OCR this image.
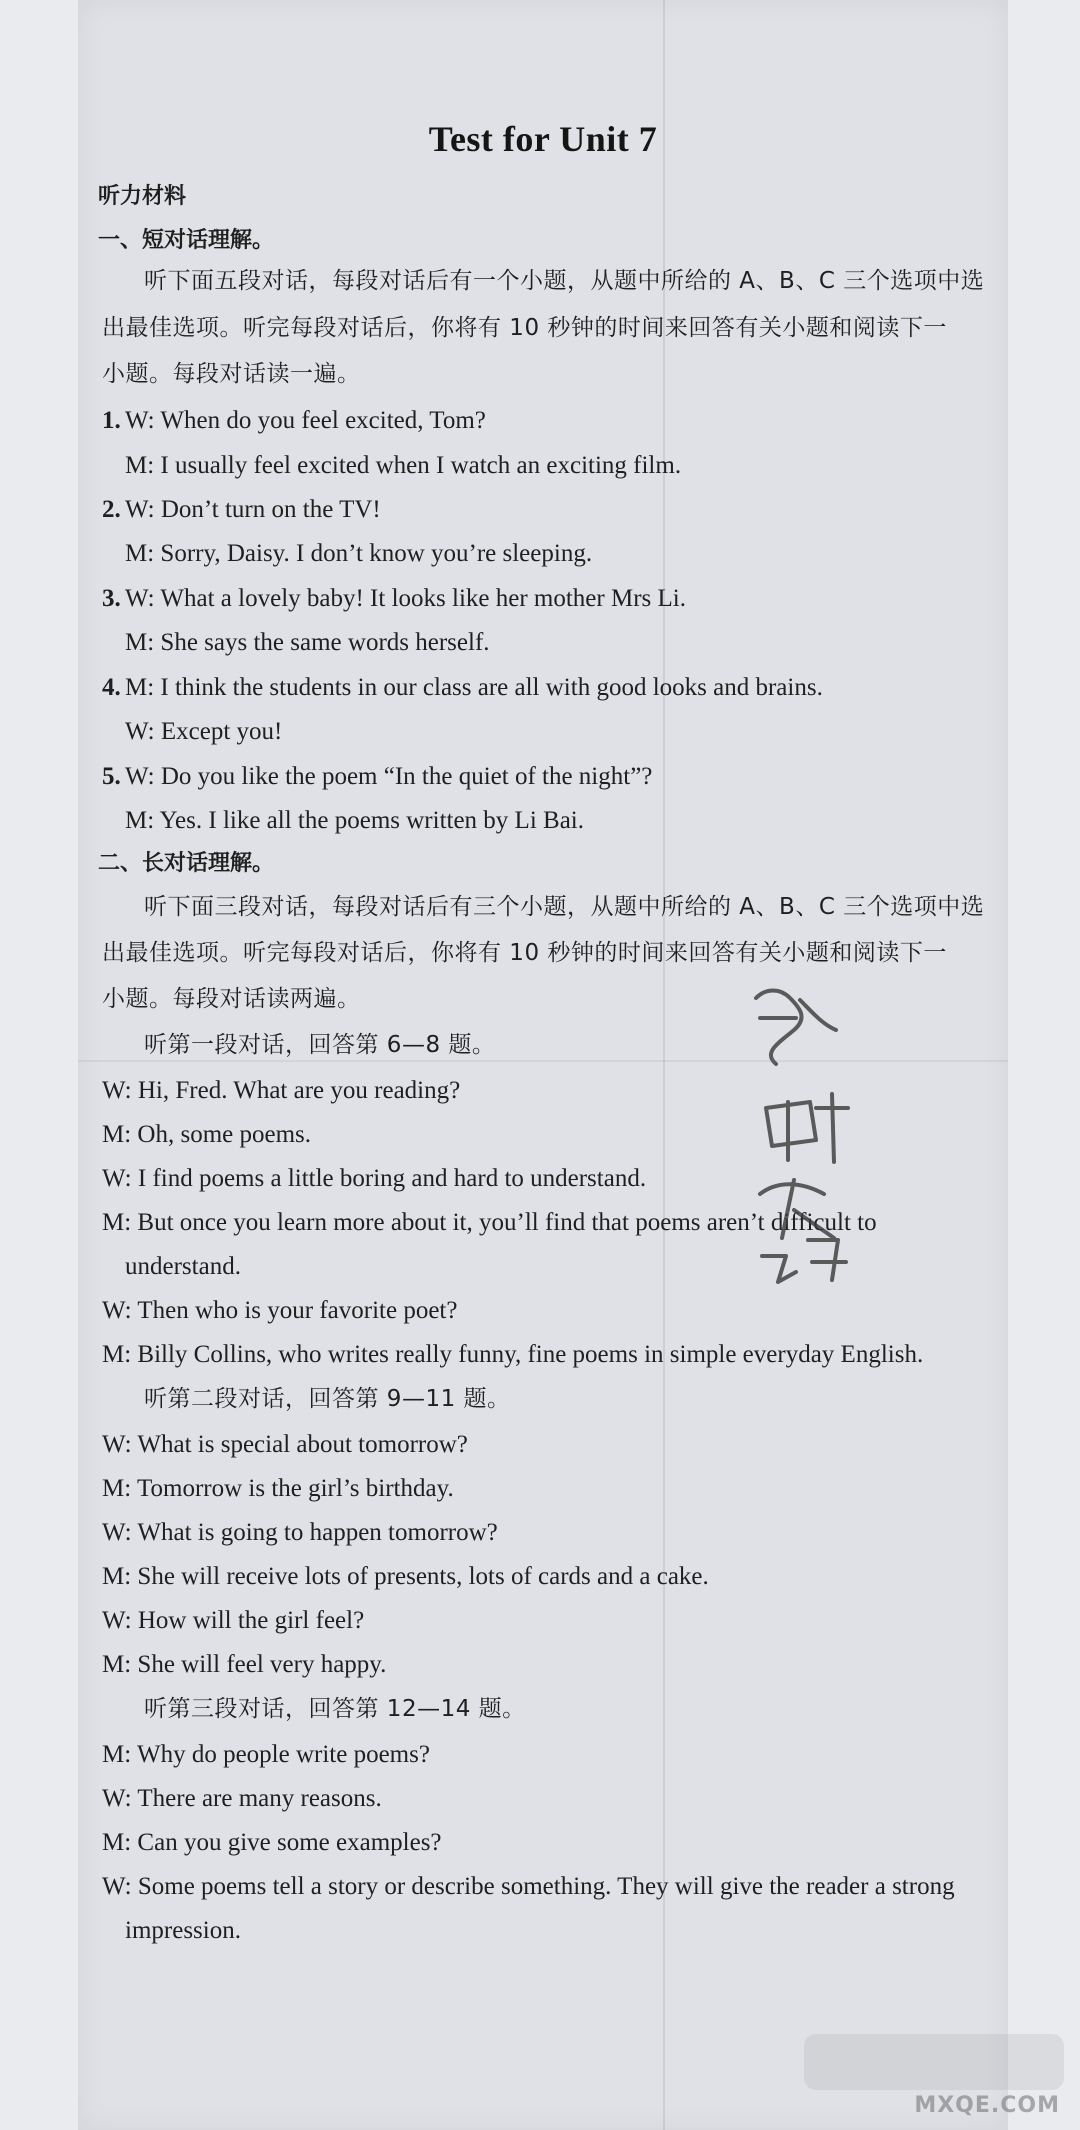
Test for Unit 7
听力材料
一、短对话理解。
听下面五段对话，每段对话后有一个小题，从题中所给的 A、B、C 三个选项中选
出最佳选项。听完每段对话后，你将有 10 秒钟的时间来回答有关小题和阅读下一
小题。每段对话读一遍。
1. W: When do you feel excited, Tom?
M: I usually feel excited when I watch an exciting film.
2. W: Don’t turn on the TV!
M: Sorry, Daisy. I don’t know you’re sleeping.
3. W: What a lovely baby! It looks like her mother Mrs Li.
M: She says the same words herself.
4. M: I think the students in our class are all with good looks and brains.
W: Except you!
5. W: Do you like the poem “In the quiet of the night”?
M: Yes. I like all the poems written by Li Bai.
二、长对话理解。
听下面三段对话，每段对话后有三个小题，从题中所给的 A、B、C 三个选项中选
出最佳选项。听完每段对话后，你将有 10 秒钟的时间来回答有关小题和阅读下一
小题。每段对话读两遍。
听第一段对话，回答第 6—8 题。
W: Hi, Fred. What are you reading?
M: Oh, some poems.
W: I find poems a little boring and hard to understand.
M: But once you learn more about it, you’ll find that poems aren’t difficult to
understand.
W: Then who is your favorite poet?
M: Billy Collins, who writes really funny, fine poems in simple everyday English.
听第二段对话，回答第 9—11 题。
W: What is special about tomorrow?
M: Tomorrow is the girl’s birthday.
W: What is going to happen tomorrow?
M: She will receive lots of presents, lots of cards and a cake.
W: How will the girl feel?
M: She will feel very happy.
听第三段对话，回答第 12—14 题。
M: Why do people write poems?
W: There are many reasons.
M: Can you give some examples?
W: Some poems tell a story or describe something. They will give the reader a strong
impression.
MXQE.COM
